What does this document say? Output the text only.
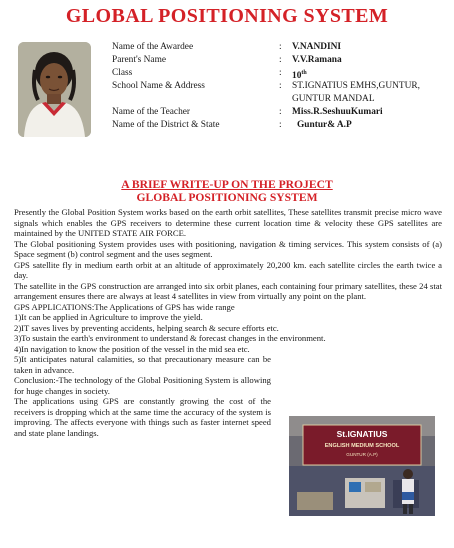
GLOBAL POSITIONING SYSTEM
Name of the Awardee	: V.NANDINI
Parent's Name	: V.V.Ramana
Class	: 10th
School Name & Address	: ST.IGNATIUS EMHS,GUNTUR, GUNTUR MANDAL
Name of the Teacher	: Miss.R.SeshuuKumari
Name of the District & State	: Guntur& A.P
A BRIEF WRITE-UP ON THE PROJECT
GLOBAL POSITIONING SYSTEM

Presently the Global Position System works based on the earth orbit satellites, These satellites transmit precise micro wave signals which enables the GPS receivers to determine these current location time & velocity these GPS satellites are maintained by the UNITED STATE AIR FORCE.

The Global positioning System provides uses with positioning, navigation & timing services. This system consists of (a) Space segment (b) control segment and the uses segment.

GPS satellite fly in medium earth orbit at an altitude of approximately 20,200 km. each satellite circles the earth twice a day.

The satellite in the GPS construction are arranged into six orbit planes, each containing four primary satellites, these 24 stat arrangement ensures there are always at least 4 satellites in view from virtually any point on the plant.

GPS APPLICATIONS:The Applications of GPS has wide range

1)It can be applied in Agriculture to improve the yield.

2)IT saves lives by preventing accidents, helping search & secure efforts etc.

3)To sustain the earth's environment to understand & forecast changes in the environment.

4)In navigation to know the position of the vessel in the mid sea etc.

5)It anticipates natural calamities, so that precautionary measure can be taken in advance.

Conclusion:-The technology of the Global Positioning System is allowing for huge changes in society.

The applications using GPS are constantly growing the cost of the receivers is dropping which at the same time the accuracy of the system is improving. The affects everyone with things such as faster internet speed and state plane landings.	St.IGNATIUS
ENGLISH MEDIUM SCHOOL
GUNTUR (A.P)
